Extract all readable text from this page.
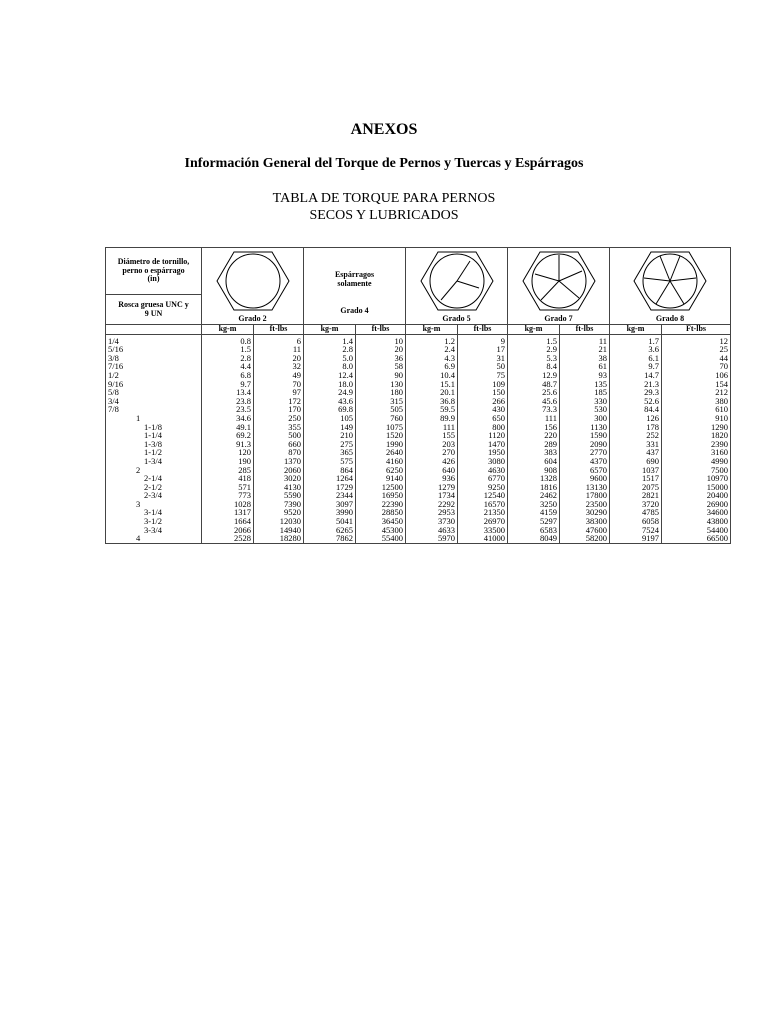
ANEXOS
Información General del Torque de Pernos y Tuercas y Espárragos
TABLA DE TORQUE PARA PERNOS
SECOS Y LUBRICADOS
Diámetro de tornillo, perno o espárrago (in)	Grado 2		Espárragos solamente
Grado 4		Grado 5		Grado 7		Grado 8	

Rosca gruesa UNC y 9 UN										
	kg-m	ft-lbs	kg-m	ft-lbs	kg-m	ft-lbs	kg-m	ft-lbs	kg-m	Ft-lbs
1/4	0.8	6	1.4	10	1.2	9	1.5	11	1.7	12
5/16	1.5	11	2.8	20	2.4	17	2.9	21	3.6	25
3/8	2.8	20	5.0	36	4.3	31	5.3	38	6.1	44
7/16	4.4	32	8.0	58	6.9	50	8.4	61	9.7	70
1/2	6.8	49	12.4	90	10.4	75	12.9	93	14.7	106
9/16	9.7	70	18.0	130	15.1	109	48.7	135	21.3	154
5/8	13.4	97	24.9	180	20.1	150	25.6	185	29.3	212
3/4	23.8	172	43.6	315	36.8	266	45.6	330	52.6	380
7/8	23.5	170	69.8	505	59.5	430	73.3	530	84.4	610
1	34.6	250	105	760	89.9	650	111	300	126	910
1-1/8	49.1	355	149	1075	111	800	156	1130	178	1290
1-1/4	69.2	500	210	1520	155	1120	220	1590	252	1820
1-3/8	91.3	660	275	1990	203	1470	289	2090	331	2390
1-1/2	120	870	365	2640	270	1950	383	2770	437	3160
1-3/4	190	1370	575	4160	426	3080	604	4370	690	4990
2	285	2060	864	6250	640	4630	908	6570	1037	7500
2-1/4	418	3020	1264	9140	936	6770	1328	9600	1517	10970
2-1/2	571	4130	1729	12500	1279	9250	1816	13130	2075	15000
2-3/4	773	5590	2344	16950	1734	12540	2462	17800	2821	20400
3	1028	7390	3097	22390	2292	16570	3250	23500	3720	26900
3-1/4	1317	9520	3990	28850	2953	21350	4159	30290	4785	34600
3-1/2	1664	12030	5041	36450	3730	26970	5297	38300	6058	43800
3-3/4	2066	14940	6265	45300	4633	33500	6583	47600	7524	54400
4	2528	18280	7862	55400	5970	41000	8049	58200	9197	66500
